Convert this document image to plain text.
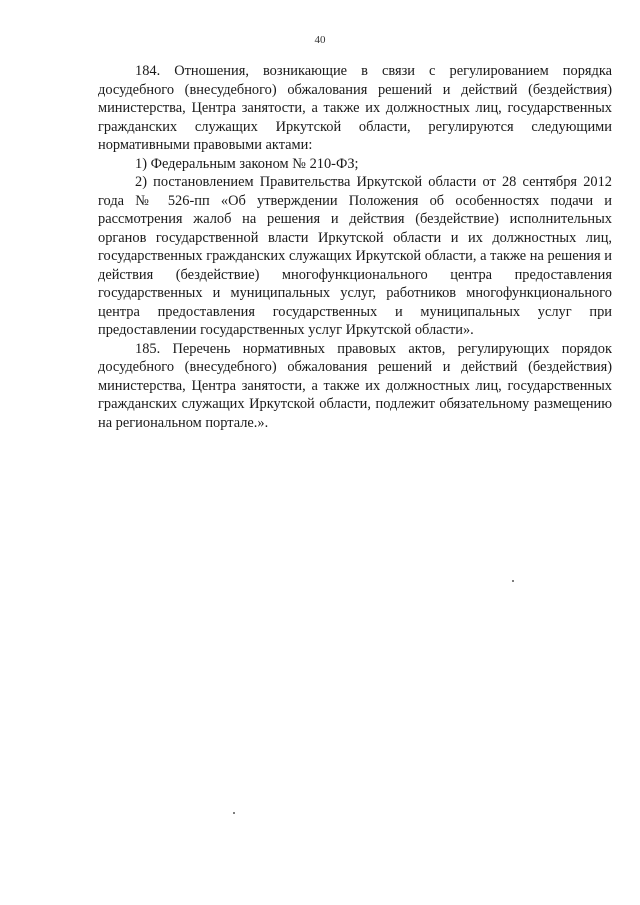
40

184. Отношения, возникающие в связи с регулированием порядка досудебного (внесудебного) обжалования решений и действий (бездействия) министерства, Центра занятости, а также их должностных лиц, государственных гражданских служащих Иркутской области, регулируются следующими нормативными правовыми актами:

1) Федеральным законом № 210-ФЗ;

2) постановлением Правительства Иркутской области от 28 сентября 2012 года № 526-пп «Об утверждении Положения об особенностях подачи и рассмотрения жалоб на решения и действия (бездействие) исполнительных органов государственной власти Иркутской области и их должностных лиц, государственных гражданских служащих Иркутской области, а также на решения и действия (бездействие) многофункционального центра предоставления государственных и муниципальных услуг, работников многофункционального центра предоставления государственных и муниципальных услуг при предоставлении государственных услуг Иркутской области».

185. Перечень нормативных правовых актов, регулирующих порядок досудебного (внесудебного) обжалования решений и действий (бездействия) министерства, Центра занятости, а также их должностных лиц, государственных гражданских служащих Иркутской области, подлежит обязательному размещению на региональном портале.».
